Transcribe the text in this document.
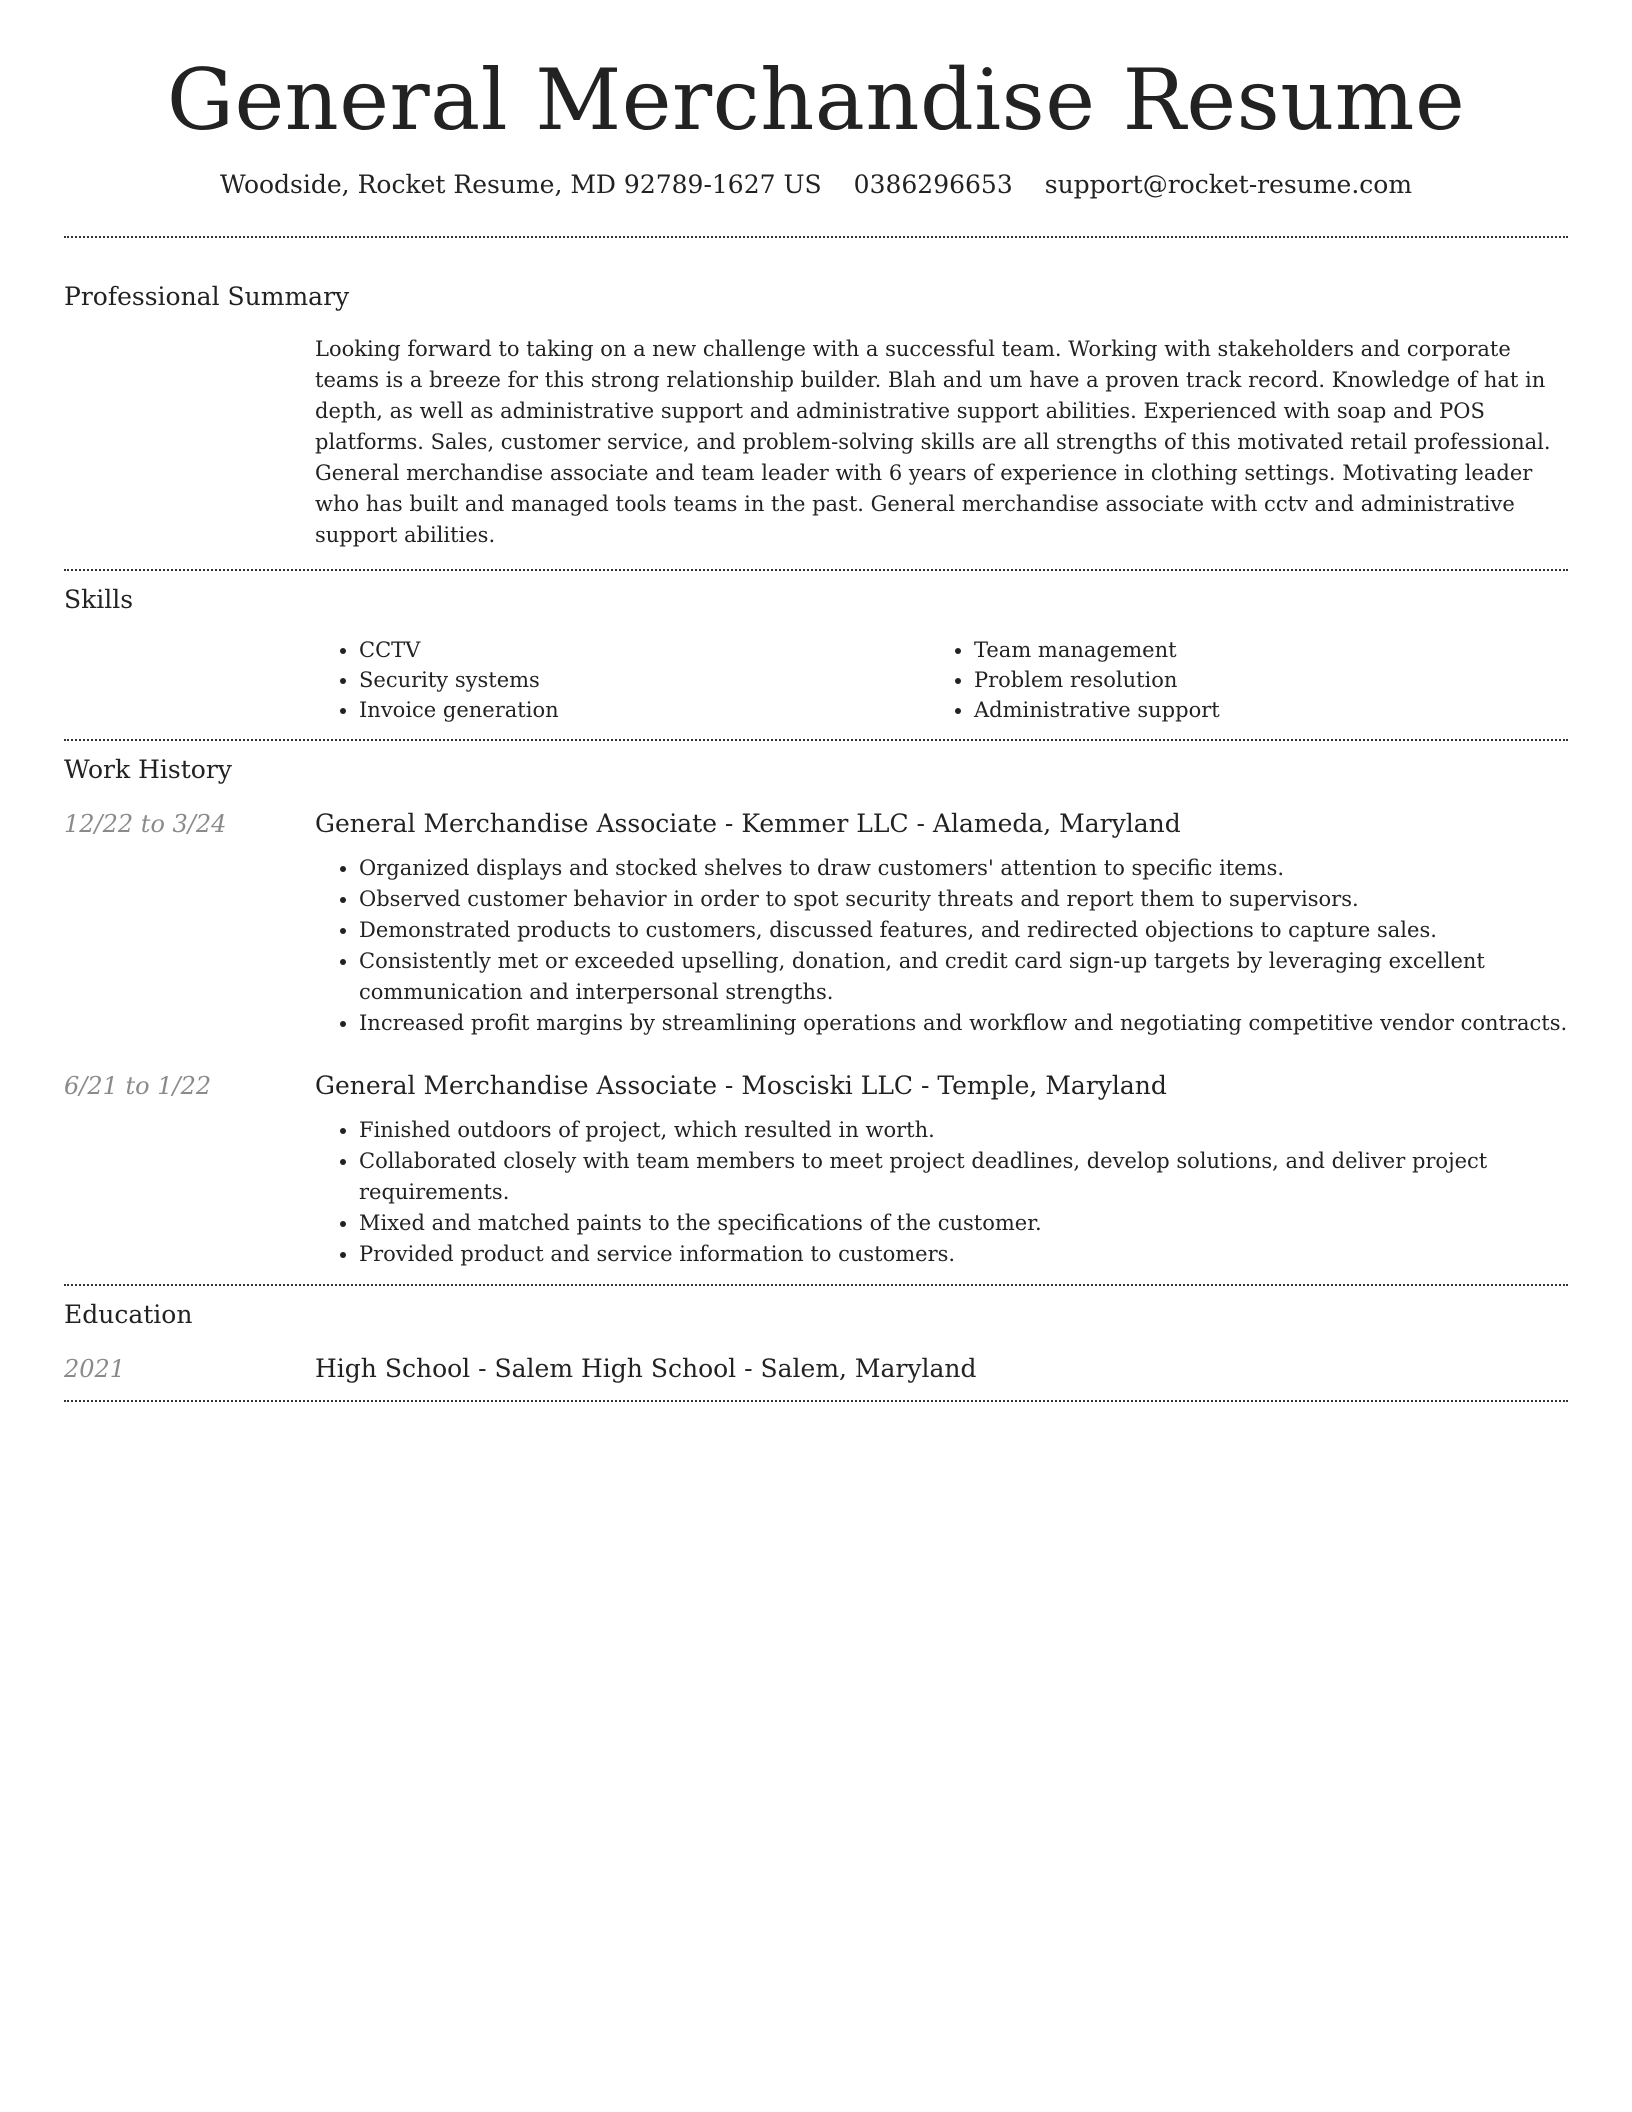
General Merchandise Resume
Woodside, Rocket Resume, MD 92789-1627 US 0386296653 support@rocket-resume.com
Professional Summary

Looking forward to taking on a new challenge with a successful team. Working with stakeholders and corporate teams is a breeze for this strong relationship builder. Blah and um have a proven track record. Knowledge of hat in depth, as well as administrative support and administrative support abilities. Experienced with soap and POS platforms. Sales, customer service, and problem-solving skills are all strengths of this motivated retail professional. General merchandise associate and team leader with 6 years of experience in clothing settings. Motivating leader who has built and managed tools teams in the past. General merchandise associate with cctv and administrative support abilities.

Skills
• CCTV
• Security systems
• Invoice generation
• Team management
• Problem resolution
• Administrative support
Work History
12/22 to 3/24	General Merchandise Associate - Kemmer LLC - Alameda, Maryland
• Organized displays and stocked shelves to draw customers' attention to specific items.
• Observed customer behavior in order to spot security threats and report them to supervisors.
• Demonstrated products to customers, discussed features, and redirected objections to capture sales.
• Consistently met or exceeded upselling, donation, and credit card sign-up targets by leveraging excellent communication and interpersonal strengths.
• Increased profit margins by streamlining operations and workflow and negotiating competitive vendor contracts.
6/21 to 1/22	General Merchandise Associate - Mosciski LLC - Temple, Maryland
• Finished outdoors of project, which resulted in worth.
• Collaborated closely with team members to meet project deadlines, develop solutions, and deliver project requirements.
• Mixed and matched paints to the specifications of the customer.
• Provided product and service information to customers.
Education
2021	High School - Salem High School - Salem, Maryland
